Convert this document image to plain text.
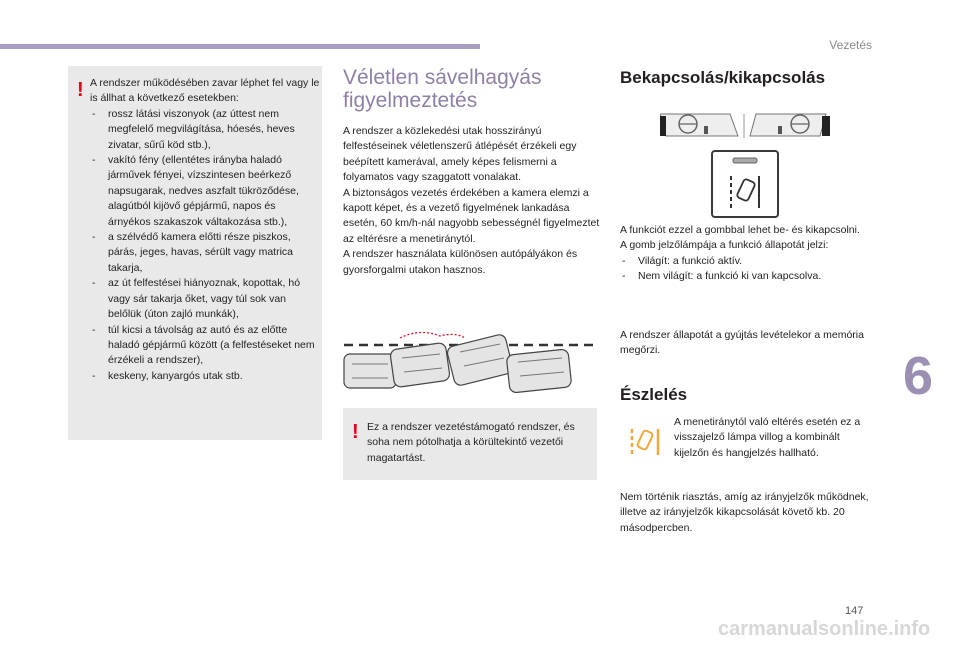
Vezetés
! A rendszer működésében zavar léphet fel vagy le is állhat a következő esetekben:

- rossz látási viszonyok (az úttest nem megfelelő megvilágítása, hóesés, heves zivatar, sűrű köd stb.),
- vakító fény (ellentétes irányba haladó járművek fényei, vízszintesen beérkező napsugarak, nedves aszfalt tükröződése, alagútból kijövő gépjármű, napos és árnyékos szakaszok váltakozása stb.),
- a szélvédő kamera előtti része piszkos, párás, jeges, havas, sérült vagy matrica takarja,
- az út felfestései hiányoznak, kopottak, hó vagy sár takarja őket, vagy túl sok van belőlük (úton zajló munkák),
- túl kicsi a távolság az autó és az előtte haladó gépjármű között (a felfestéseket nem érzékeli a rendszer),
- keskeny, kanyargós utak stb.
Véletlen sávelhagyás
figyelmeztetés

A rendszer a közlekedési utak hosszirányú felfestéseinek véletlenszerű átlépését érzékeli egy beépített kamerával, amely képes felismerni a folyamatos vagy szaggatott vonalakat.

A biztonságos vezetés érdekében a kamera elemzi a kapott képet, és a vezető figyelmének lankadása esetén, 60 km/h-nál nagyobb sebességnél figyelmeztet az eltérésre a menetiránytól.

A rendszer használata különösen autópályákon és gyorsforgalmi utakon hasznos.

! Ez a rendszer vezetéstámogató rendszer, és soha nem pótolhatja a körültekintő vezetői magatartást.

Bekapcsolás/kikapcsolás

A funkciót ezzel a gombbal lehet be- és kikapcsolni.

A gomb jelzőlámpája a funkció állapotát jelzi:

- Világít: a funkció aktív.
- Nem világít: a funkció ki van kapcsolva.

A rendszer állapotát a gyújtás levételekor a memória megőrzi.

Észlelés

A menetiránytól való eltérés esetén ez a visszajelző lámpa villog a kombinált kijelzőn és hangjelzés hallható.

Nem történik riasztás, amíg az irányjelzők működnek, illetve az irányjelzők kikapcsolását követő kb. 20 másodpercben.

6
147
carmanualsonline.info
